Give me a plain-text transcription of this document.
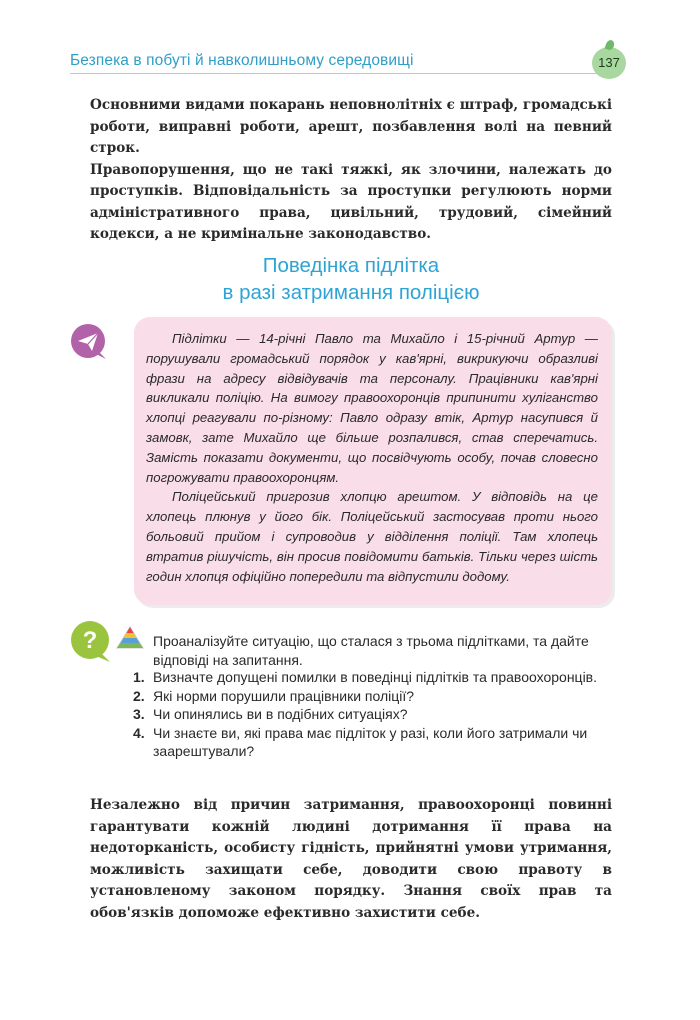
Безпека в побуті й навколишньому середовищі	137

Основними видами покарань неповнолітніх є штраф, громадські роботи, виправні роботи, арешт, позбавлення волі на певний строк.

Правопорушення, що не такі тяжкі, як злочини, належать до проступків. Відповідальність за проступки регулюють норми адміністративного права, цивільний, трудовий, сімейний кодекси, а не кримінальне законодавство.

Поведінка підлітка
в разі затримання поліцією

Підлітки — 14-річні Павло та Михайло і 15-річний Артур — порушували громадський порядок у кав'ярні, викрикуючи образливі фрази на адресу відвідувачів та персоналу. Працівники кав'ярні викликали поліцію. На вимогу правоохоронців припинити хуліганство хлопці реагували по-різному: Павло одразу втік, Артур насупився й замовк, зате Михайло ще більше розпалився, став сперечатись. Замість показати документи, що посвідчують особу, почав словесно погрожувати правоохоронцям.

Поліцейський пригрозив хлопцю арештом. У відповідь на це хлопець плюнув у його бік. Поліцейський застосував проти нього больовий прийом і супроводив у відділення поліції. Там хлопець втратив рішучість, він просив повідомити батьків. Тільки через шість годин хлопця офіційно попередили та відпустили додому.

?	Проаналізуйте ситуацію, що сталася з трьома підлітками, та дайте відповіді на запитання.

1. Визначте допущені помилки в поведінці підлітків та правоохоронців.
2. Які норми порушили працівники поліції?
3. Чи опинялись ви в подібних ситуаціях?
4. Чи знаєте ви, які права має підліток у разі, коли його затримали чи заарештували?

Незалежно від причин затримання, правоохоронці повинні гарантувати кожній людині дотримання її права на недоторканість, особисту гідність, прийнятні умови утримання, можливість захищати себе, доводити свою правоту в установленому законом порядку. Знання своїх прав та обов'язків допоможе ефективно захистити себе.
